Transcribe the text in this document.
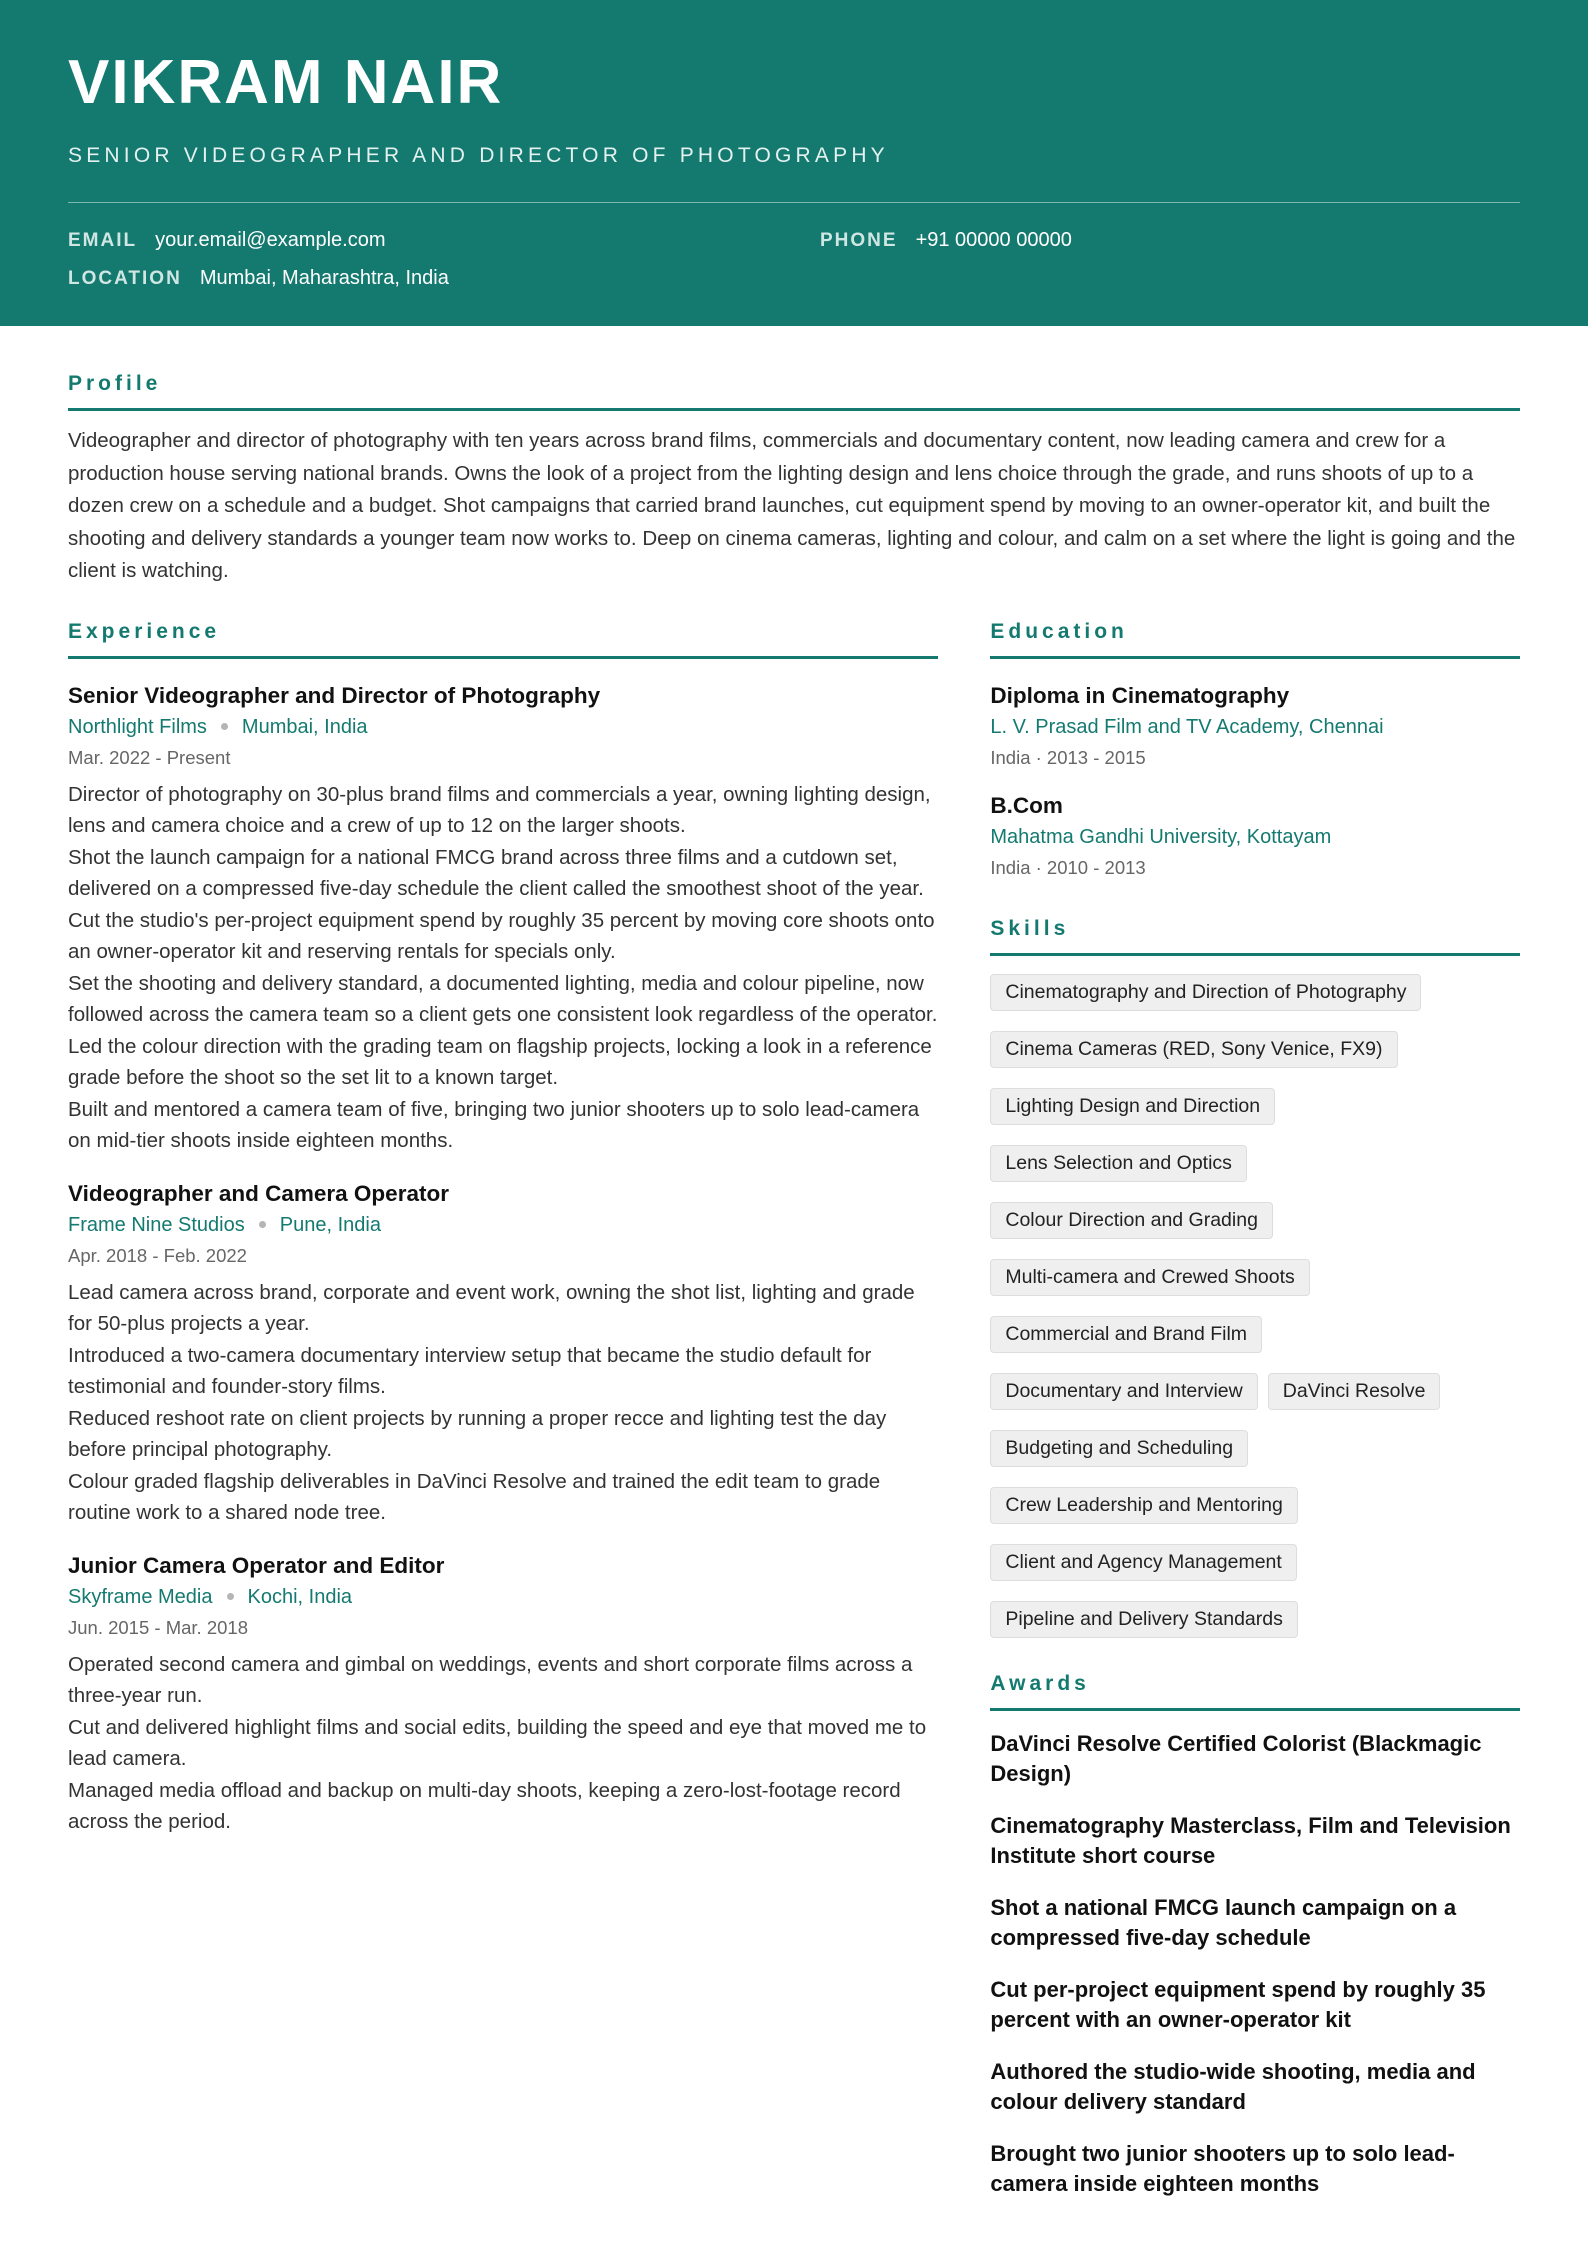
VIKRAM NAIR
SENIOR VIDEOGRAPHER AND DIRECTOR OF PHOTOGRAPHY
EMAIL your.email@example.com	PHONE +91 00000 00000
LOCATION Mumbai, Maharashtra, India
Profile
Videographer and director of photography with ten years across brand films, commercials and documentary content, now leading camera and crew for a production house serving national brands. Owns the look of a project from the lighting design and lens choice through the grade, and runs shoots of up to a dozen crew on a schedule and a budget. Shot campaigns that carried brand launches, cut equipment spend by moving to an owner-operator kit, and built the shooting and delivery standards a younger team now works to. Deep on cinema cameras, lighting and colour, and calm on a set where the light is going and the client is watching.
Experience
Senior Videographer and Director of Photography
Northlight Films Mumbai, India
Mar. 2022 - Present
Director of photography on 30-plus brand films and commercials a year, owning lighting design, lens and camera choice and a crew of up to 12 on the larger shoots.
Shot the launch campaign for a national FMCG brand across three films and a cutdown set, delivered on a compressed five-day schedule the client called the smoothest shoot of the year.
Cut the studio's per-project equipment spend by roughly 35 percent by moving core shoots onto an owner-operator kit and reserving rentals for specials only.
Set the shooting and delivery standard, a documented lighting, media and colour pipeline, now followed across the camera team so a client gets one consistent look regardless of the operator.
Led the colour direction with the grading team on flagship projects, locking a look in a reference grade before the shoot so the set lit to a known target.
Built and mentored a camera team of five, bringing two junior shooters up to solo lead-camera on mid-tier shoots inside eighteen months.
Videographer and Camera Operator
Frame Nine Studios Pune, India
Apr. 2018 - Feb. 2022
Lead camera across brand, corporate and event work, owning the shot list, lighting and grade for 50-plus projects a year.
Introduced a two-camera documentary interview setup that became the studio default for testimonial and founder-story films.
Reduced reshoot rate on client projects by running a proper recce and lighting test the day before principal photography.
Colour graded flagship deliverables in DaVinci Resolve and trained the edit team to grade routine work to a shared node tree.
Junior Camera Operator and Editor
Skyframe Media Kochi, India
Jun. 2015 - Mar. 2018
Operated second camera and gimbal on weddings, events and short corporate films across a three-year run.
Cut and delivered highlight films and social edits, building the speed and eye that moved me to lead camera.
Managed media offload and backup on multi-day shoots, keeping a zero-lost-footage record across the period.
Education
Diploma in Cinematography
L. V. Prasad Film and TV Academy, Chennai
India · 2013 - 2015
B.Com
Mahatma Gandhi University, Kottayam
India · 2010 - 2013
Skills
Cinematography and Direction of Photography
Cinema Cameras (RED, Sony Venice, FX9)
Lighting Design and Direction
Lens Selection and Optics
Colour Direction and Grading
Multi-camera and Crewed Shoots
Commercial and Brand Film
Documentary and Interview	DaVinci Resolve
Budgeting and Scheduling
Crew Leadership and Mentoring
Client and Agency Management
Pipeline and Delivery Standards
Awards
DaVinci Resolve Certified Colorist (Blackmagic Design)
Cinematography Masterclass, Film and Television Institute short course
Shot a national FMCG launch campaign on a compressed five-day schedule
Cut per-project equipment spend by roughly 35 percent with an owner-operator kit
Authored the studio-wide shooting, media and colour delivery standard
Brought two junior shooters up to solo lead-camera inside eighteen months
